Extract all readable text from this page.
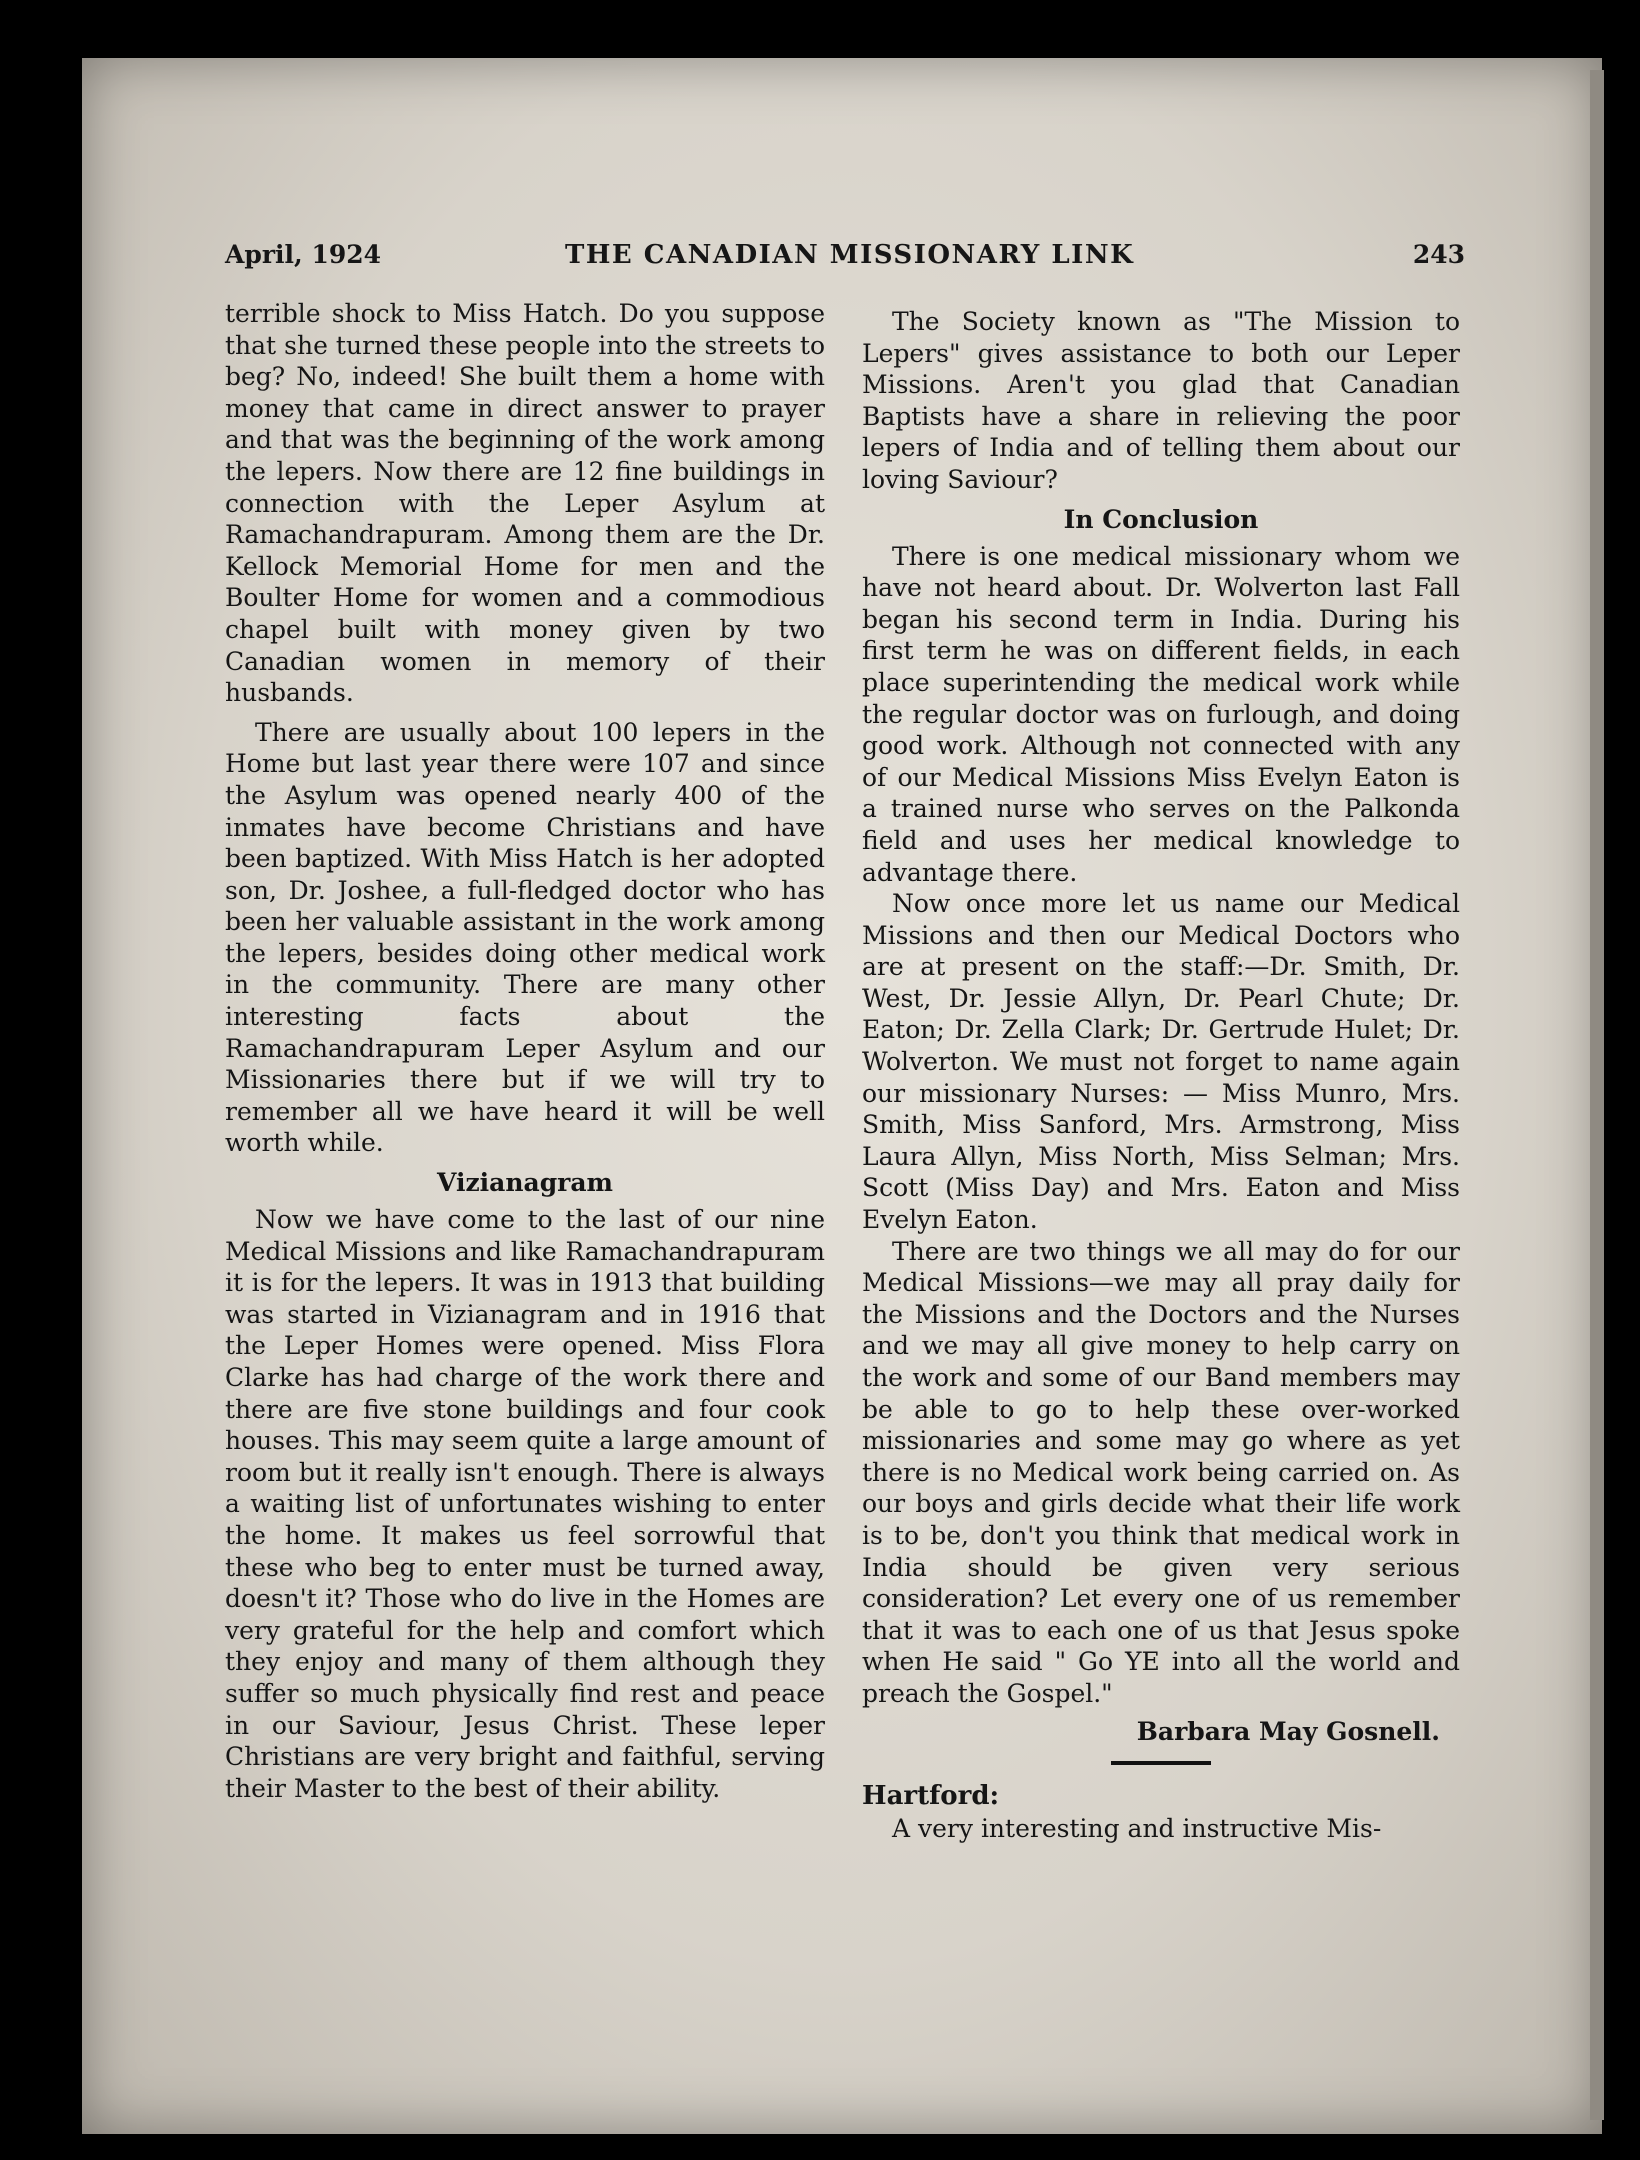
April, 1924	THE CANADIAN MISSIONARY LINK	243

terrible shock to Miss Hatch. Do you suppose that she turned these people into the streets to beg? No, indeed! She built them a home with money that came in direct answer to prayer and that was the beginning of the work among the lepers. Now there are 12 fine buildings in connection with the Leper Asylum at Ramachandrapuram. Among them are the Dr. Kellock Memorial Home for men and the Boulter Home for women and a commodious chapel built with money given by two Canadian women in memory of their husbands.

There are usually about 100 lepers in the Home but last year there were 107 and since the Asylum was opened nearly 400 of the inmates have become Christians and have been baptized. With Miss Hatch is her adopted son, Dr. Joshee, a full-fledged doctor who has been her valuable assistant in the work among the lepers, besides doing other medical work in the community. There are many other interesting facts about the Ramachandrapuram Leper Asylum and our Missionaries there but if we will try to remember all we have heard it will be well worth while.

Vizianagram

Now we have come to the last of our nine Medical Missions and like Ramachandrapuram it is for the lepers. It was in 1913 that building was started in Vizianagram and in 1916 that the Leper Homes were opened. Miss Flora Clarke has had charge of the work there and there are five stone buildings and four cook houses. This may seem quite a large amount of room but it really isn't enough. There is always a waiting list of unfortunates wishing to enter the home. It makes us feel sorrowful that these who beg to enter must be turned away, doesn't it? Those who do live in the Homes are very grateful for the help and comfort which they enjoy and many of them although they suffer so much physically find rest and peace in our Saviour, Jesus Christ. These leper Christians are very bright and faithful, serving their Master to the best of their ability.

The Society known as "The Mission to Lepers" gives assistance to both our Leper Missions. Aren't you glad that Canadian Baptists have a share in relieving the poor lepers of India and of telling them about our loving Saviour?

In Conclusion

There is one medical missionary whom we have not heard about. Dr. Wolverton last Fall began his second term in India. During his first term he was on different fields, in each place superintending the medical work while the regular doctor was on furlough, and doing good work. Although not connected with any of our Medical Missions Miss Evelyn Eaton is a trained nurse who serves on the Palkonda field and uses her medical knowledge to advantage there.

Now once more let us name our Medical Missions and then our Medical Doctors who are at present on the staff:—Dr. Smith, Dr. West, Dr. Jessie Allyn, Dr. Pearl Chute; Dr. Eaton; Dr. Zella Clark; Dr. Gertrude Hulet; Dr. Wolverton. We must not forget to name again our missionary Nurses: — Miss Munro, Mrs. Smith, Miss Sanford, Mrs. Armstrong, Miss Laura Allyn, Miss North, Miss Selman; Mrs. Scott (Miss Day) and Mrs. Eaton and Miss Evelyn Eaton.

There are two things we all may do for our Medical Missions—we may all pray daily for the Missions and the Doctors and the Nurses and we may all give money to help carry on the work and some of our Band members may be able to go to help these over-worked missionaries and some may go where as yet there is no Medical work being carried on. As our boys and girls decide what their life work is to be, don't you think that medical work in India should be given very serious consideration? Let every one of us remember that it was to each one of us that Jesus spoke when He said " Go YE into all the world and preach the Gospel."

Barbara May Gosnell.
Hartford:

A very interesting and instructive Mis-
